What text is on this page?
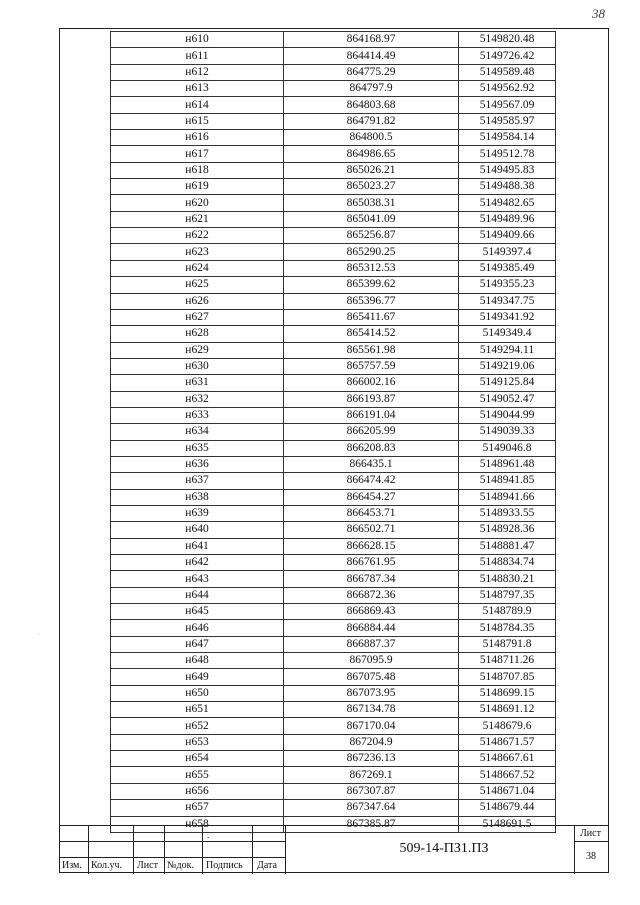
38
н610	864168.97	5149820.48	
н611	864414.49	5149726.42	
н612	864775.29	5149589.48	
н613	864797.9	5149562.92	
н614	864803.68	5149567.09	
н615	864791.82	5149585.97	
н616	864800.5	5149584.14	
н617	864986.65	5149512.78	
н618	865026.21	5149495.83	
н619	865023.27	5149488.38	
н620	865038.31	5149482.65	
н621	865041.09	5149489.96	
н622	865256.87	5149409.66	
н623	865290.25	5149397.4	
н624	865312.53	5149385.49	
н625	865399.62	5149355.23	
н626	865396.77	5149347.75	
н627	865411.67	5149341.92	
н628	865414.52	5149349.4	
н629	865561.98	5149294.11	
н630	865757.59	5149219.06	
н631	866002.16	5149125.84	
н632	866193.87	5149052.47	
н633	866191.04	5149044.99	
н634	866205.99	5149039.33	
н635	866208.83	5149046.8	
н636	866435.1	5148961.48	
н637	866474.42	5148941.85	
н638	866454.27	5148941.66	
н639	866453.71	5148933.55	
н640	866502.71	5148928.36	
н641	866628.15	5148881.47	
н642	866761.95	5148834.74	
н643	866787.34	5148830.21	
н644	866872.36	5148797.35	
н645	866869.43	5148789.9	
н646	866884.44	5148784.35	
н647	866887.37	5148791.8	
н648	867095.9	5148711.26	
н649	867075.48	5148707.85	
н650	867073.95	5148699.15	
н651	867134.78	5148691.12	
н652	867170.04	5148679.6	
н653	867204.9	5148671.57	
н654	867236.13	5148667.61	
н655	867269.1	5148667.52	
н656	867307.87	5148671.04	
н657	867347.64	5148679.44	
н658	867385.87	5148691.5	
.
Изм. Кол.уч. Лист №док. Подпись Дата
509-14-ПЗ1.ПЗ
Лист
38
·
